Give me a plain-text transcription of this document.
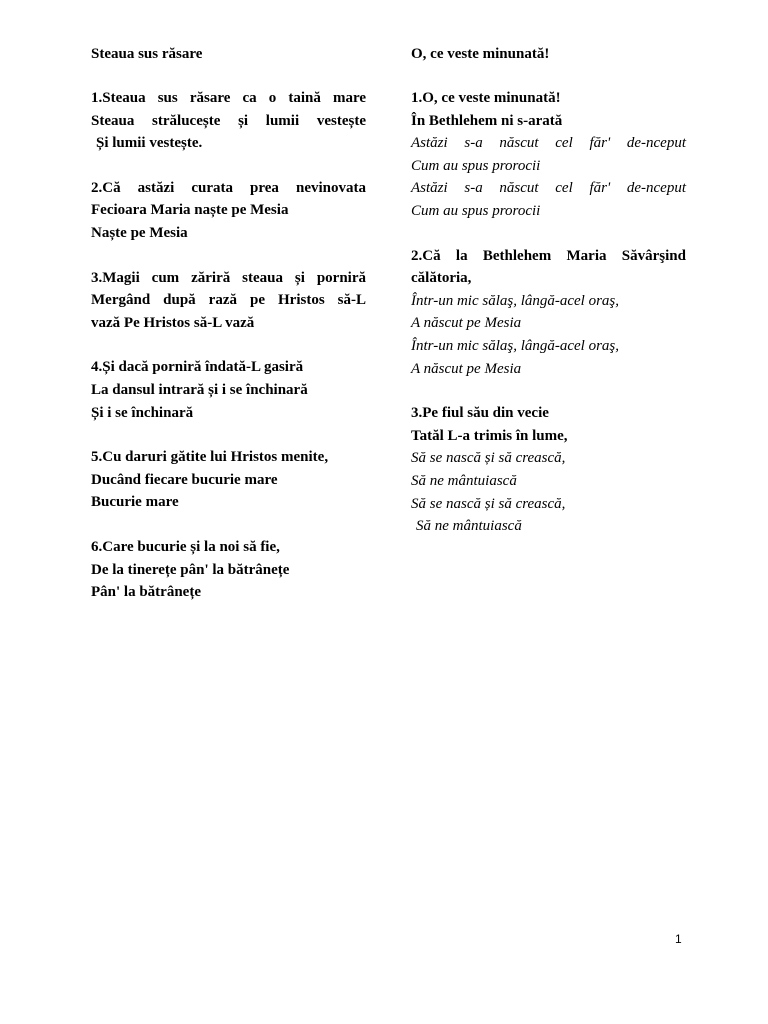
Steaua sus răsare
1.Steaua sus răsare ca o taină mare
Steaua strălucește și lumii vestește
Și lumii vestește.
2.Că astăzi curata prea nevinovata
Fecioara Maria naște pe Mesia
Naște pe Mesia
3.Magii cum zăriră steaua și porniră
Mergând după rază pe Hristos să-L
vază Pe Hristos să-L vază
4.Și dacă porniră îndată-L gasiră
La dansul intrară și i se închinară
Și i se închinară
5.Cu daruri gătite lui Hristos menite,
Ducând fiecare bucurie mare
Bucurie mare
6.Care bucurie și la noi să fie,
De la tinerețe pân' la bătrânețe
Pân' la bătrânețe
O, ce veste minunată!
1.O, ce veste minunată!
În Bethlehem ni s-arată
Astăzi s-a născut cel făr' de-nceput
Cum au spus prorocii
Astăzi s-a născut cel făr' de-nceput
Cum au spus prorocii
2.Că la Bethlehem Maria Săvârşind
călătoria,
Într-un mic sălaş, lângă-acel oraş,
A născut pe Mesia
Într-un mic sălaş, lângă-acel oraş,
A născut pe Mesia
3.Pe fiul său din vecie
Tatăl L-a trimis în lume,
Să se nască și să crească,
Să ne mântuiască
Să se nască și să crească,
Să ne mântuiască
1
